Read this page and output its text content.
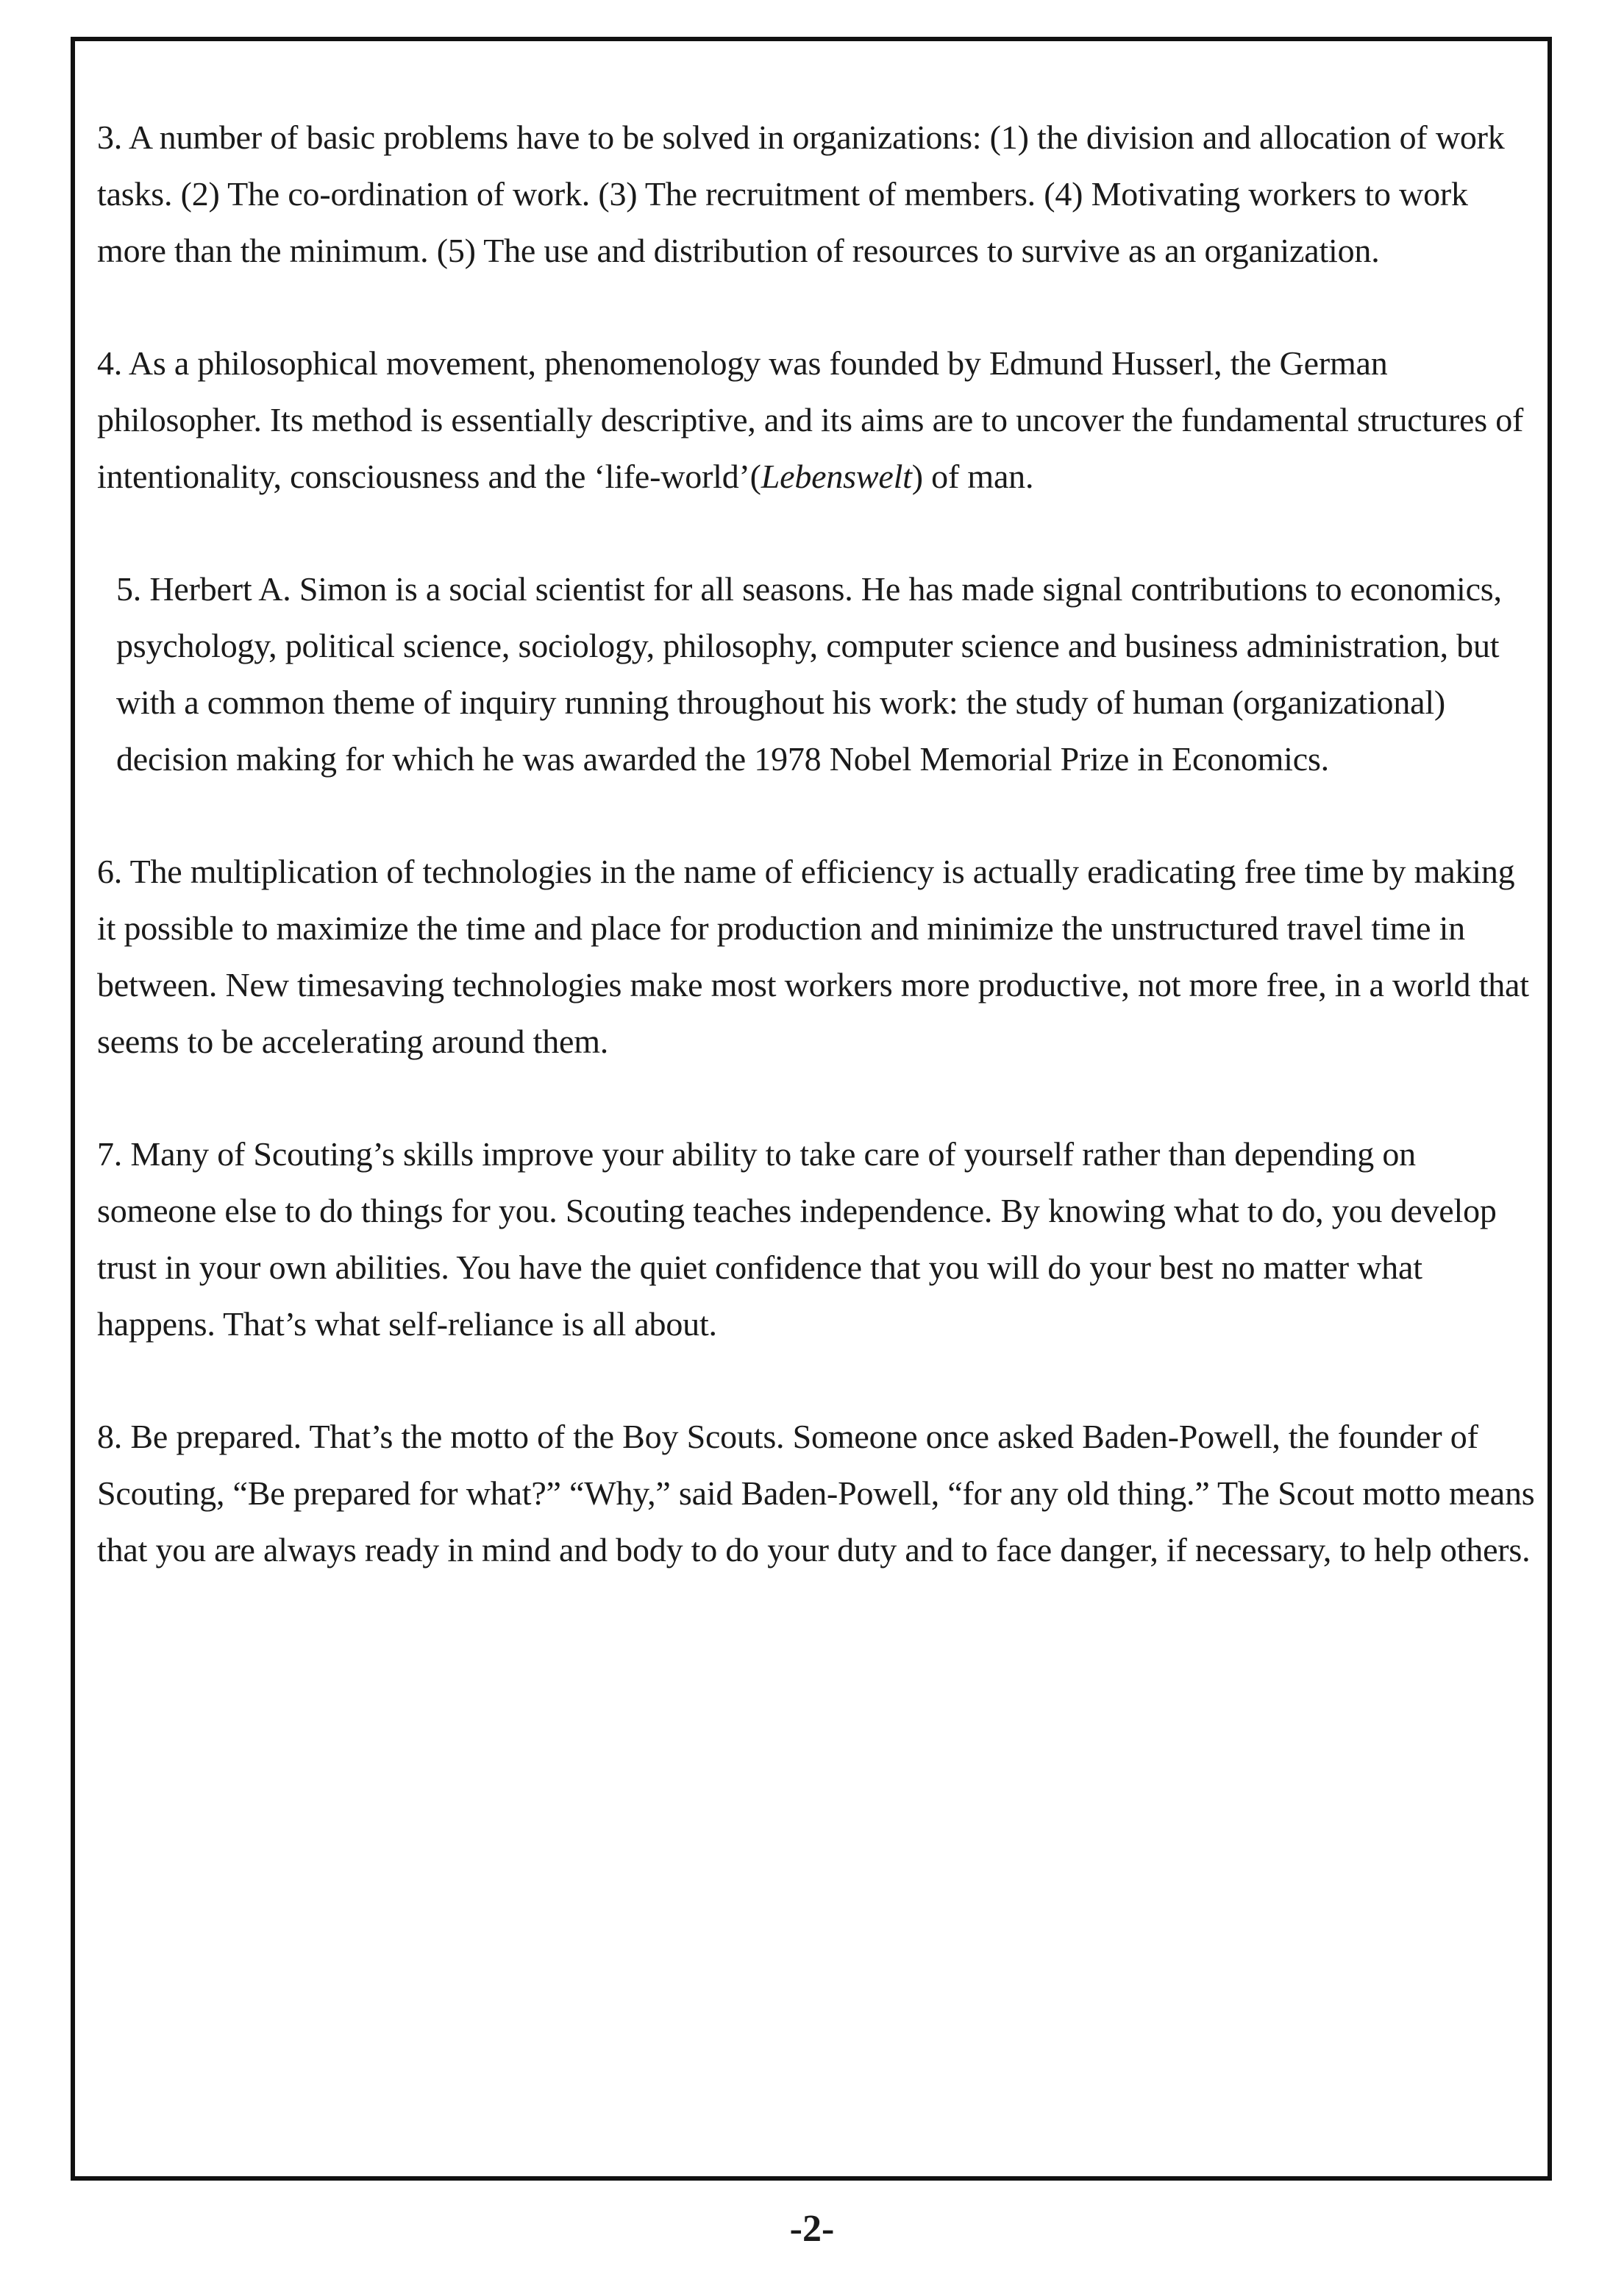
3. A number of basic problems have to be solved in organizations: (1) the division and allocation of work tasks. (2) The co-ordination of work. (3) The recruitment of members. (4) Motivating workers to work more than the minimum. (5) The use and distribution of resources to survive as an organization.

4. As a philosophical movement, phenomenology was founded by Edmund Husserl, the German philosopher. Its method is essentially descriptive, and its aims are to uncover the fundamental structures of intentionality, consciousness and the ‘life-world’(Lebenswelt) of man.

5. Herbert A. Simon is a social scientist for all seasons. He has made signal contributions to economics, psychology, political science, sociology, philosophy, computer science and business administration, but with a common theme of inquiry running throughout his work: the study of human (organizational) decision making for which he was awarded the 1978 Nobel Memorial Prize in Economics.

6. The multiplication of technologies in the name of efficiency is actually eradicating free time by making it possible to maximize the time and place for production and minimize the unstructured travel time in between. New timesaving technologies make most workers more productive, not more free, in a world that seems to be accelerating around them.

7. Many of Scouting’s skills improve your ability to take care of yourself rather than depending on someone else to do things for you. Scouting teaches independence. By knowing what to do, you develop trust in your own abilities. You have the quiet confidence that you will do your best no matter what happens. That’s what self-reliance is all about.

8. Be prepared. That’s the motto of the Boy Scouts. Someone once asked Baden-Powell, the founder of Scouting, “Be prepared for what?” “Why,” said Baden-Powell, “for any old thing.” The Scout motto means that you are always ready in mind and body to do your duty and to face danger, if necessary, to help others.

-2-
